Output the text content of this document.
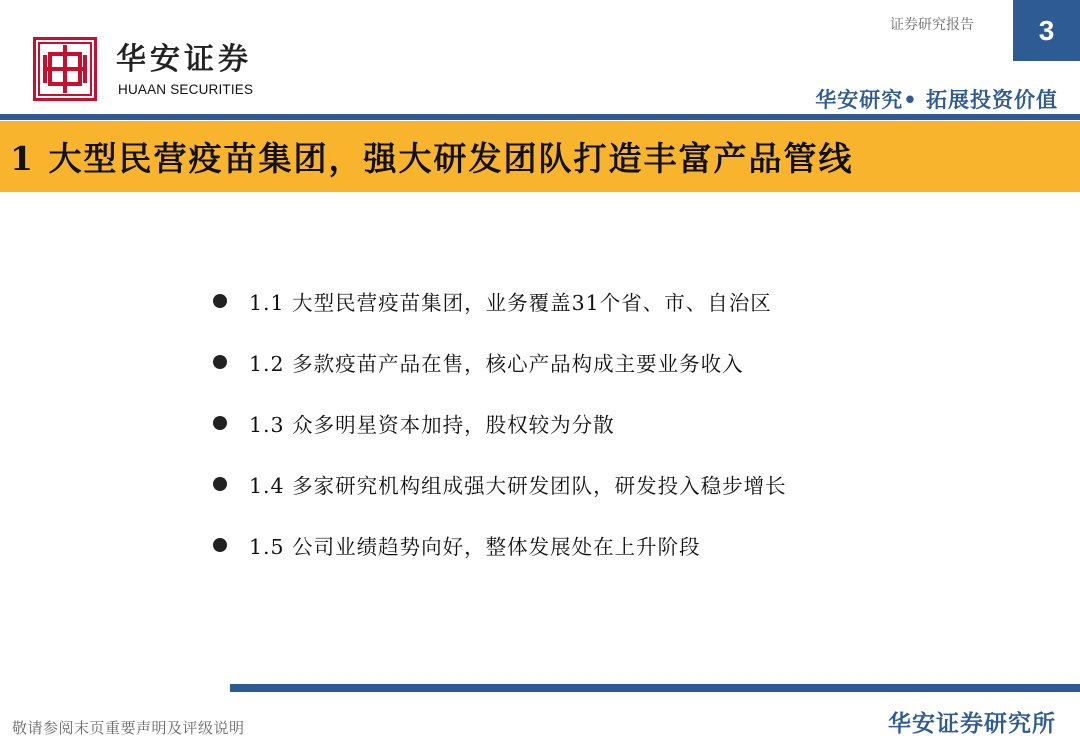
华安证券
HUAAN SECURITIES
证券研究报告	3
华安研究• 拓展投资价值
1 大型民营疫苗集团，强大研发团队打造丰富产品管线
1.1 大型民营疫苗集团，业务覆盖31个省、市、自治区
1.2 多款疫苗产品在售，核心产品构成主要业务收入
1.3 众多明星资本加持，股权较为分散
1.4 多家研究机构组成强大研发团队，研发投入稳步增长
1.5 公司业绩趋势向好，整体发展处在上升阶段
敬请参阅末页重要声明及评级说明	华安证券研究所
